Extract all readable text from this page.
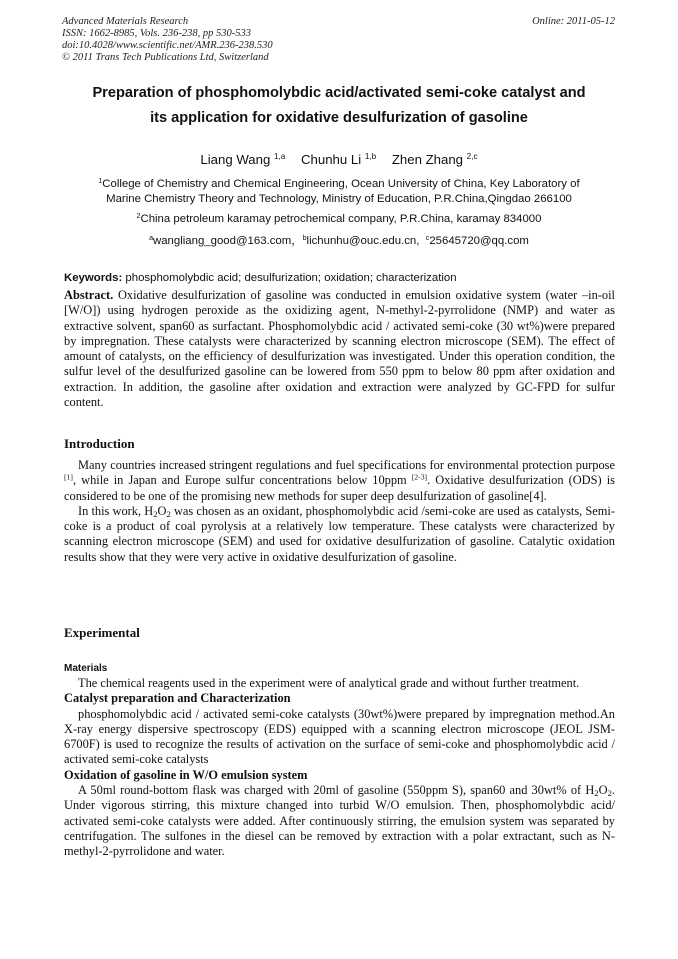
Advanced Materials Research
ISSN: 1662-8985, Vols. 236-238, pp 530-533
doi:10.4028/www.scientific.net/AMR.236-238.530
© 2011 Trans Tech Publications Ltd, Switzerland
Online: 2011-05-12
Preparation of phosphomolybdic acid/activated semi-coke catalyst and
its application for oxidative desulfurization of gasoline
Liang Wang $^{1,a}$ Chunhu Li $^{1,b}$ Zhen Zhang $^{2,c}$
$^1$College of Chemistry and Chemical Engineering, Ocean University of China, Key Laboratory of
Marine Chemistry Theory and Technology, Ministry of Education, P.R.China,Qingdao 266100
$^2$China petroleum karamay petrochemical company, P.R.China, karamay 834000
$^a$wangliang_good@163.com，$^b$lichunhu@ouc.edu.cn, $^c$25645720@qq.com
Keywords: phosphomolybdic acid; desulfurization; oxidation; characterization
Abstract. Oxidative desulfurization of gasoline was conducted in emulsion oxidative system (water –in-oil [W/O]) using hydrogen peroxide as the oxidizing agent, N-methyl-2-pyrrolidone (NMP) and water as extractive solvent, span60 as surfactant. Phosphomolybdic acid / activated semi-coke (30 wt%)were prepared by impregnation. These catalysts were characterized by scanning electron microscope (SEM). The effect of amount of catalysts, on the efficiency of desulfurization was investigated. Under this operation condition, the sulfur level of the desulfurized gasoline can be lowered from 550 ppm to below 80 ppm after oxidation and extraction. In addition, the gasoline after oxidation and extraction were analyzed by GC-FPD for sulfur content.
Introduction

Many countries increased stringent regulations and fuel specifications for environmental protection purpose [1], while in Japan and Europe sulfur concentrations below 10ppm [2-3]. Oxidative desulfurization (ODS) is considered to be one of the promising new methods for super deep desulfurization of gasoline[4].

In this work, $H_2O_2$ was chosen as an oxidant, phosphomolybdic acid /semi-coke are used as catalysts, Semi-coke is a product of coal pyrolysis at a relatively low temperature. These catalysts were characterized by scanning electron microscope (SEM) and used for oxidative desulfurization of gasoline. Catalytic oxidation results show that they were very active in oxidative desulfurization of gasoline.

Experimental
Materials

The chemical reagents used in the experiment were of analytical grade and without further treatment.

Catalyst preparation and Characterization

phosphomolybdic acid / activated semi-coke catalysts (30wt%)were prepared by impregnation method.An X-ray energy dispersive spectroscopy (EDS) equipped with a scanning electron microscope (JEOL JSM-6700F) is used to recognize the results of activation on the surface of semi-coke and phosphomolybdic acid / activated semi-coke catalysts

Oxidation of gasoline in W/O emulsion system

A 50ml round-bottom flask was charged with 20ml of gasoline (550ppm S), span60 and 30wt% of $H_2O_2$. Under vigorous stirring, this mixture changed into turbid W/O emulsion. Then, phosphomolybdic acid/ activated semi-coke catalysts were added. After continuously stirring, the emulsion system was separated by centrifugation. The sulfones in the diesel can be removed by extraction with a polar extractant, such as N-methyl-2-pyrrolidone and water.
